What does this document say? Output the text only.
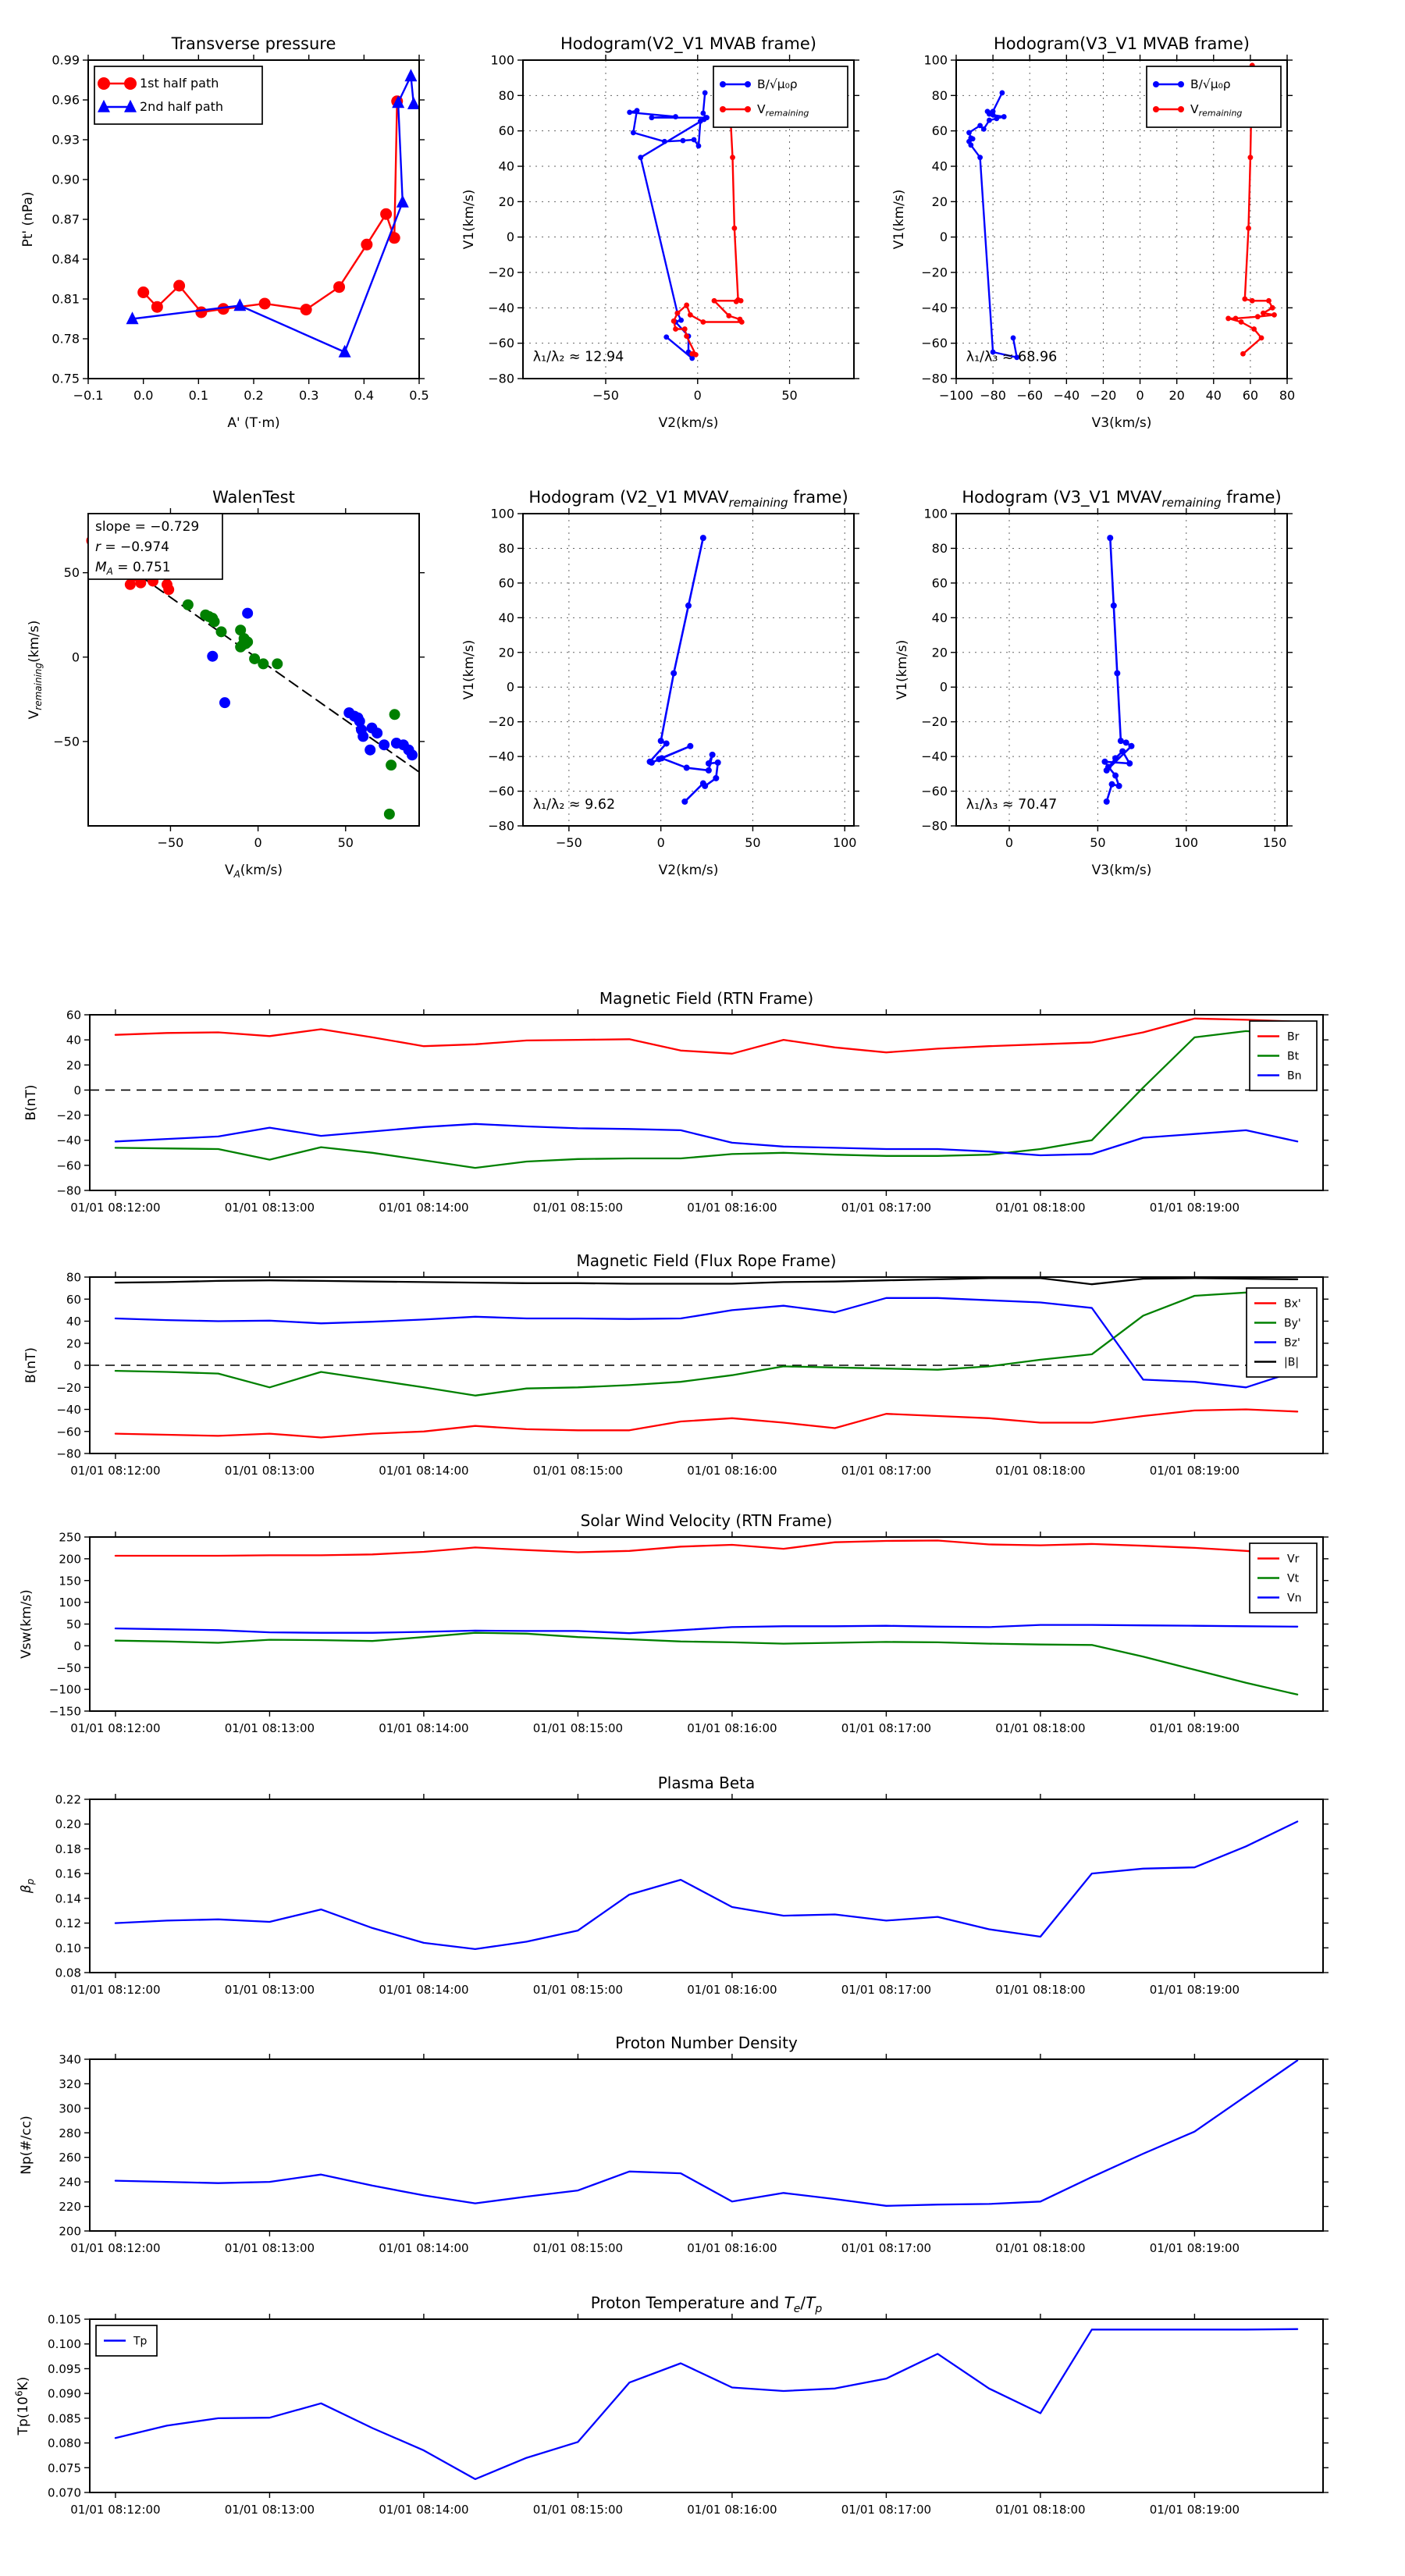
−0.1 0.0	0.1	0.2	0.3	0.4	0.5
0.75
0.78
0.81
0.84
0.87
0.90
0.93
0.96
0.99
Transverse pressure
A' (T·m)
Pt' (nPa)
1st half path
2nd half path
−50	0	50
−80
−60
−40
−20
0
20
40
60
80
100
Hodogram(V2_V1 MVAB frame)
V2(km/s)
V1(km/s)
B/√μ₀ρ
$V_{remaining}$
λ₁/λ₂ ≈ 12.94
−100 −80 −60 −40 −20 0 20 40 60 80
−80
−60
−40
−20
0
20
40
60
80
100
Hodogram(V3_V1 MVAB frame)
V3(km/s)
V1(km/s)
B/√μ₀ρ
$V_{remaining}$
λ₁/λ₃ ≈ 68.96
−50	0	50
−50
0
50
WalenTest
$V_A(km/s)$
$V_{remaining}(km/s)$
slope = −0.729
r = −0.974
$M_A = 0.751$
−50	0	50	100
−80
−60
−40
−20
0
20
40
60
80
100
Hodogram (V2_V1 $MVAV_{remaining}$ frame)
V2(km/s)
V1(km/s)
λ₁/λ₂ ≈ 9.62
0	50	100	150
−80
−60
−40
−20
0
20
40
60
80
100
Hodogram (V3_V1 $MVAV_{remaining}$ frame)
V3(km/s)
V1(km/s)
λ₁/λ₃ ≈ 70.47
01/01 08:12:00	01/01 08:13:00	01/01 08:14:00	01/01 08:15:00	01/01 08:16:00	01/01 08:17:00	01/01 08:18:00	01/01 08:19:00
−80
−60
−40
−20
0
20
40
60
Magnetic Field (RTN Frame)
B(nT)
Br
Bt
Bn
01/01 08:12:00	01/01 08:13:00	01/01 08:14:00	01/01 08:15:00	01/01 08:16:00	01/01 08:17:00	01/01 08:18:00	01/01 08:19:00
−80
−60
−40
−20
0
20
40
60
80
Magnetic Field (Flux Rope Frame)
B(nT)
Bx'
By'
Bz'
|B|
01/01 08:12:00	01/01 08:13:00	01/01 08:14:00	01/01 08:15:00	01/01 08:16:00	01/01 08:17:00	01/01 08:18:00	01/01 08:19:00
−150
−100
−50
0
50
100
150
200
250
Solar Wind Velocity (RTN Frame)
Vsw(km/s)
Vr
Vt
Vn
01/01 08:12:00	01/01 08:13:00	01/01 08:14:00	01/01 08:15:00	01/01 08:16:00	01/01 08:17:00	01/01 08:18:00	01/01 08:19:00
0.08
0.10
0.12
0.14
0.16
0.18
0.20
0.22
Plasma Beta
$\beta_p$
01/01 08:12:00	01/01 08:13:00	01/01 08:14:00	01/01 08:15:00	01/01 08:16:00	01/01 08:17:00	01/01 08:18:00	01/01 08:19:00
200
220
240
260
280
300
320
340
Proton Number Density
Np(#/cc)
01/01 08:12:00	01/01 08:13:00	01/01 08:14:00	01/01 08:15:00	01/01 08:16:00	01/01 08:17:00	01/01 08:18:00	01/01 08:19:00
0.070
0.075
0.080
0.085
0.090
0.095
0.100
0.105
Proton Temperature and $T_e/T_p$
$Tp(10^6K)$
Tp
